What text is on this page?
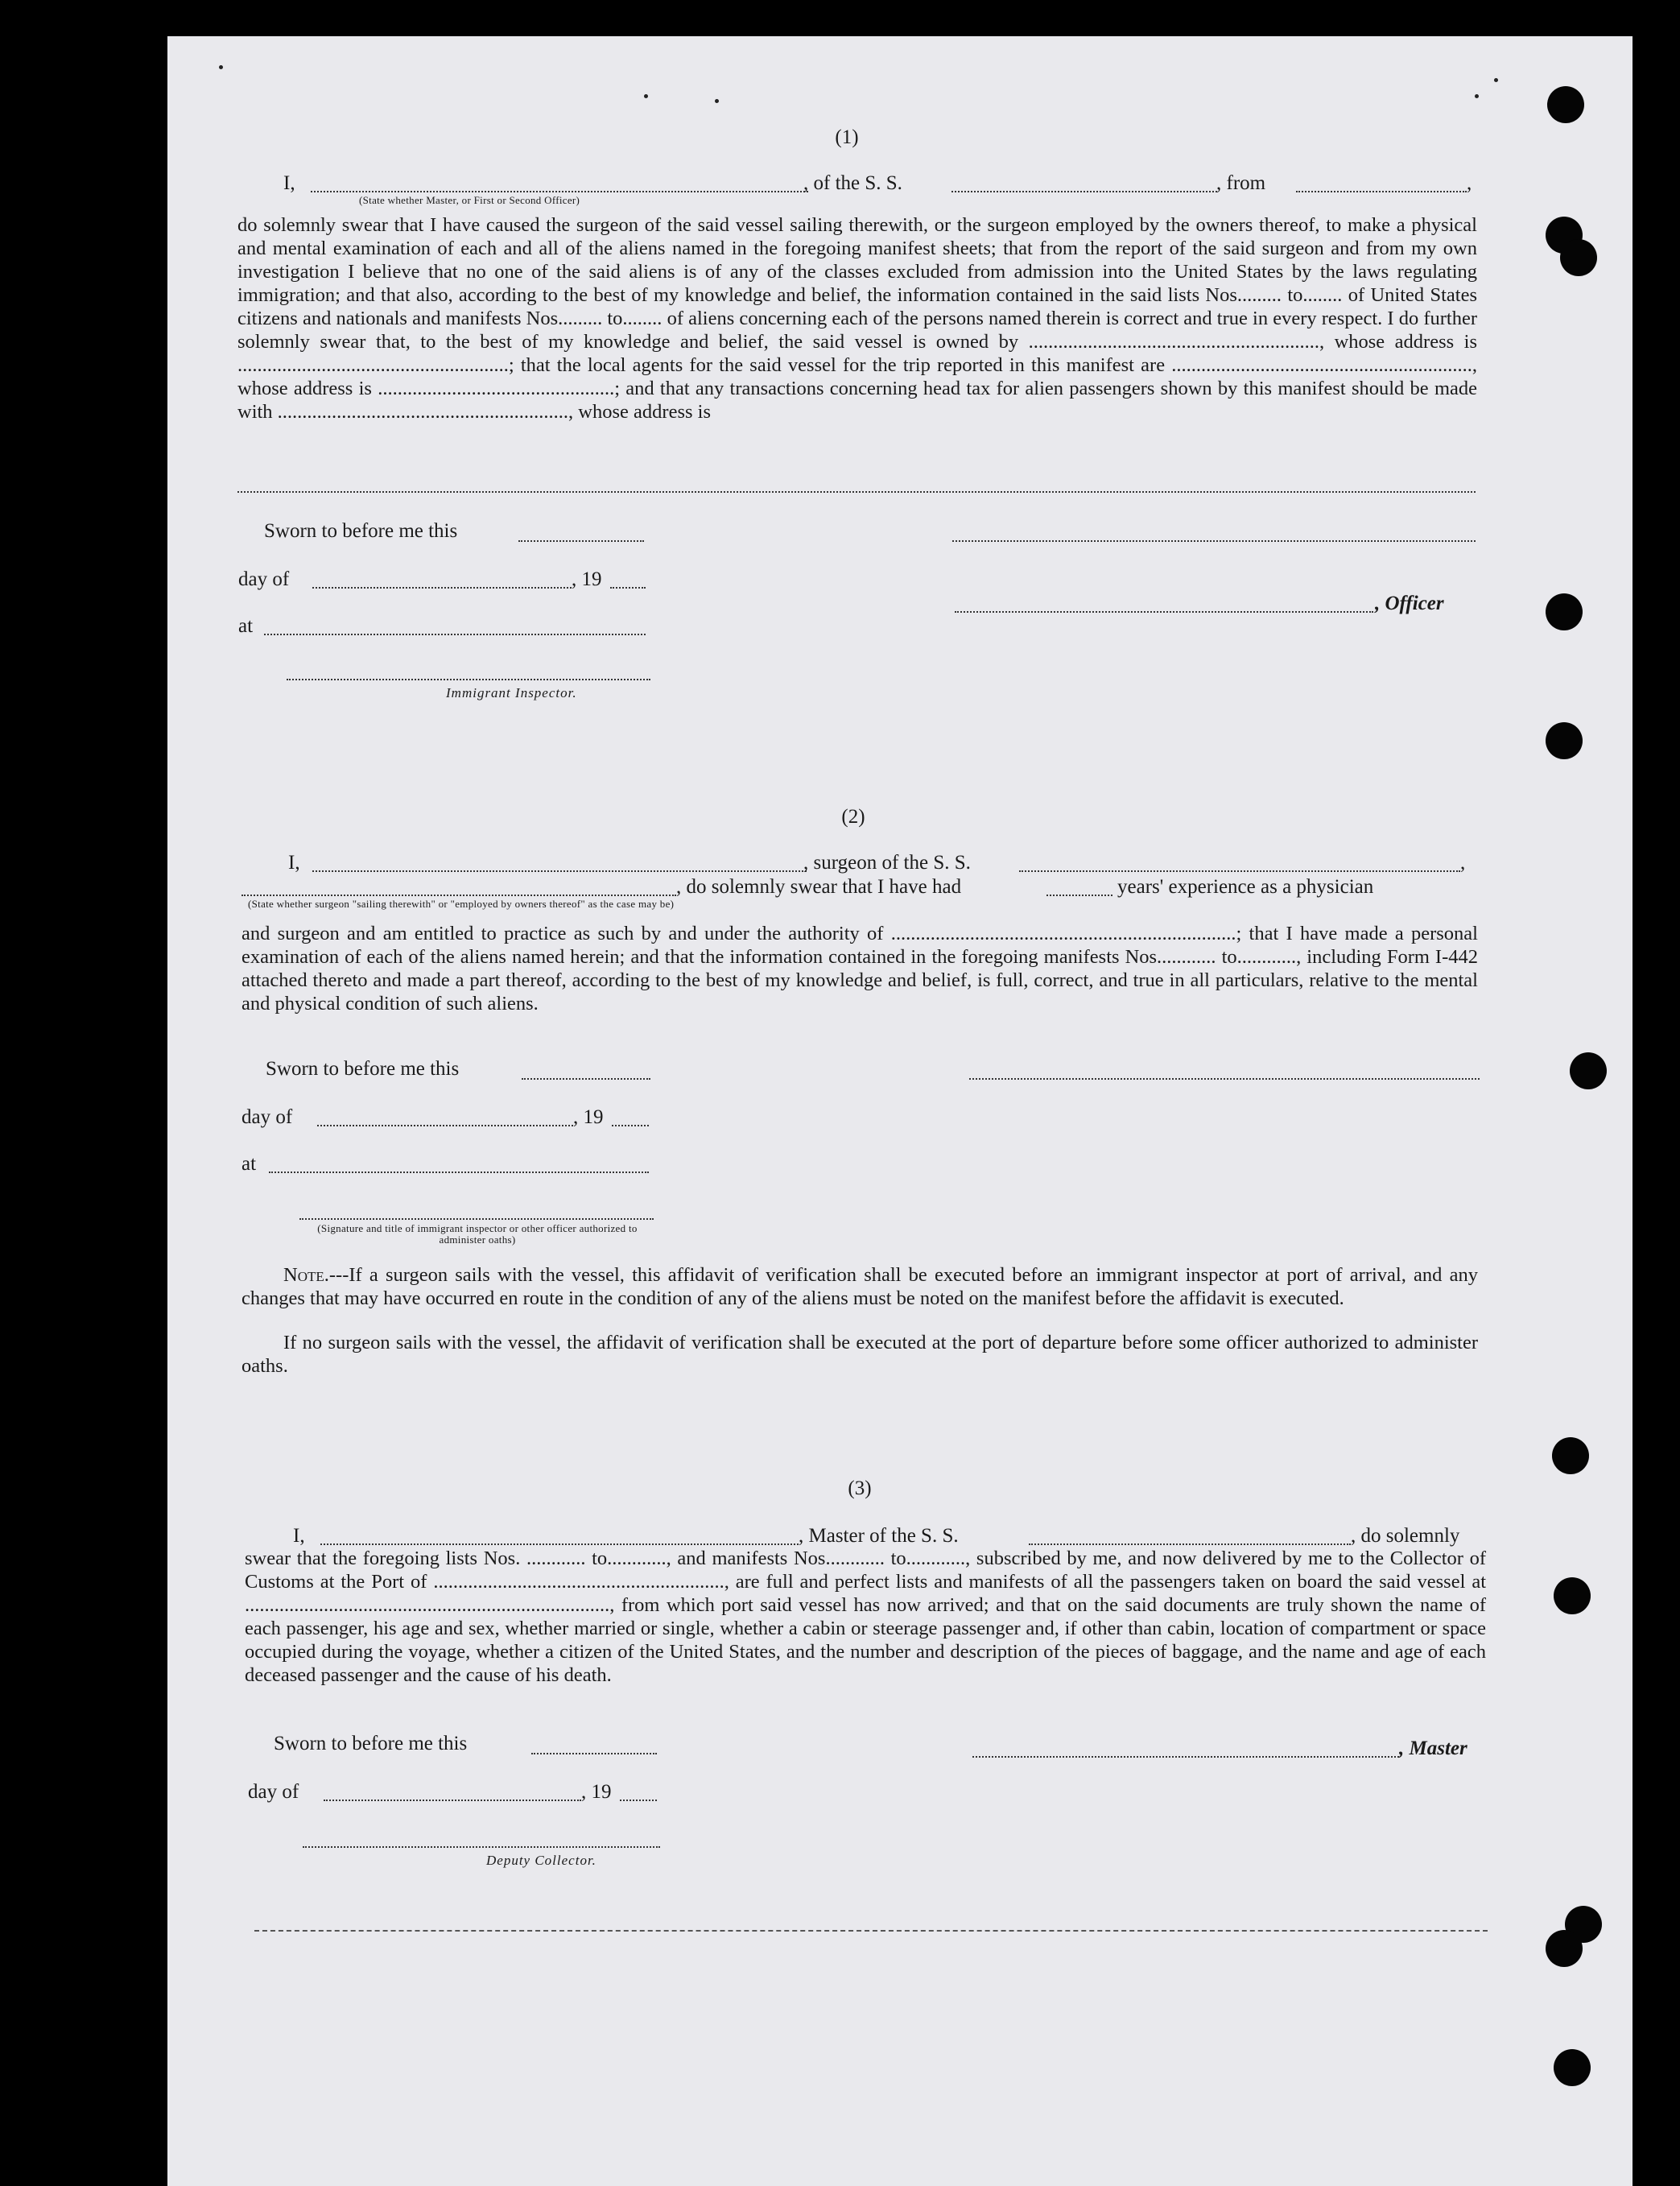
(1)
I,	, of the S. S.	, from	,
(State whether Master, or First or Second Officer)
do solemnly swear that I have caused the surgeon of the said vessel sailing therewith, or the surgeon employed by the owners thereof, to make a physical and mental examination of each and all of the aliens named in the foregoing manifest sheets; that from the report of the said surgeon and from my own investigation I believe that no one of the said aliens is of any of the classes excluded from admission into the United States by the laws regulating immigration; and that also, according to the best of my knowledge and belief, the information contained in the said lists Nos......... to........ of United States citizens and nationals and manifests Nos......... to........ of aliens concerning each of the persons named therein is correct and true in every respect. I do further solemnly swear that, to the best of my knowledge and belief, the said vessel is owned by ..........................................................., whose address is .......................................................; that the local agents for the said vessel for the trip reported in this manifest are ............................................................., whose address is ................................................; and that any transactions concerning head tax for alien passengers shown by this manifest should be made with ..........................................................., whose address is
Sworn to before me this
day of	, 19
, Officer
at
Immigrant Inspector.
(2)
I,	, surgeon of the S. S.	,
, do solemnly swear that I have had	years' experience as a physician
(State whether surgeon "sailing therewith" or "employed by owners thereof" as the case may be)
and surgeon and am entitled to practice as such by and under the authority of ......................................................................; that I have made a personal examination of each of the aliens named herein; and that the information contained in the foregoing manifests Nos............ to............, including Form I-442 attached thereto and made a part thereof, according to the best of my knowledge and belief, is full, correct, and true in all particulars, relative to the mental and physical condition of such aliens.
Sworn to before me this
day of	, 19
at
(Signature and title of immigrant inspector or other officer authorized to administer oaths)
Note.---If a surgeon sails with the vessel, this affidavit of verification shall be executed before an immigrant inspector at port of arrival, and any changes that may have occurred en route in the condition of any of the aliens must be noted on the manifest before the affidavit is executed.
If no surgeon sails with the vessel, the affidavit of verification shall be executed at the port of departure before some officer authorized to administer oaths.
(3)
I,	, Master of the S. S.	, do solemnly
swear that the foregoing lists Nos. ............ to............, and manifests Nos............ to............, subscribed by me, and now delivered by me to the Collector of Customs at the Port of ..........................................................., are full and perfect lists and manifests of all the passengers taken on board the said vessel at .........................................................................., from which port said vessel has now arrived; and that on the said documents are truly shown the name of each passenger, his age and sex, whether married or single, whether a cabin or steerage passenger and, if other than cabin, location of compartment or space occupied during the voyage, whether a citizen of the United States, and the number and description of the pieces of baggage, and the name and age of each deceased passenger and the cause of his death.
Sworn to before me this	, Master
day of	, 19
Deputy Collector.
